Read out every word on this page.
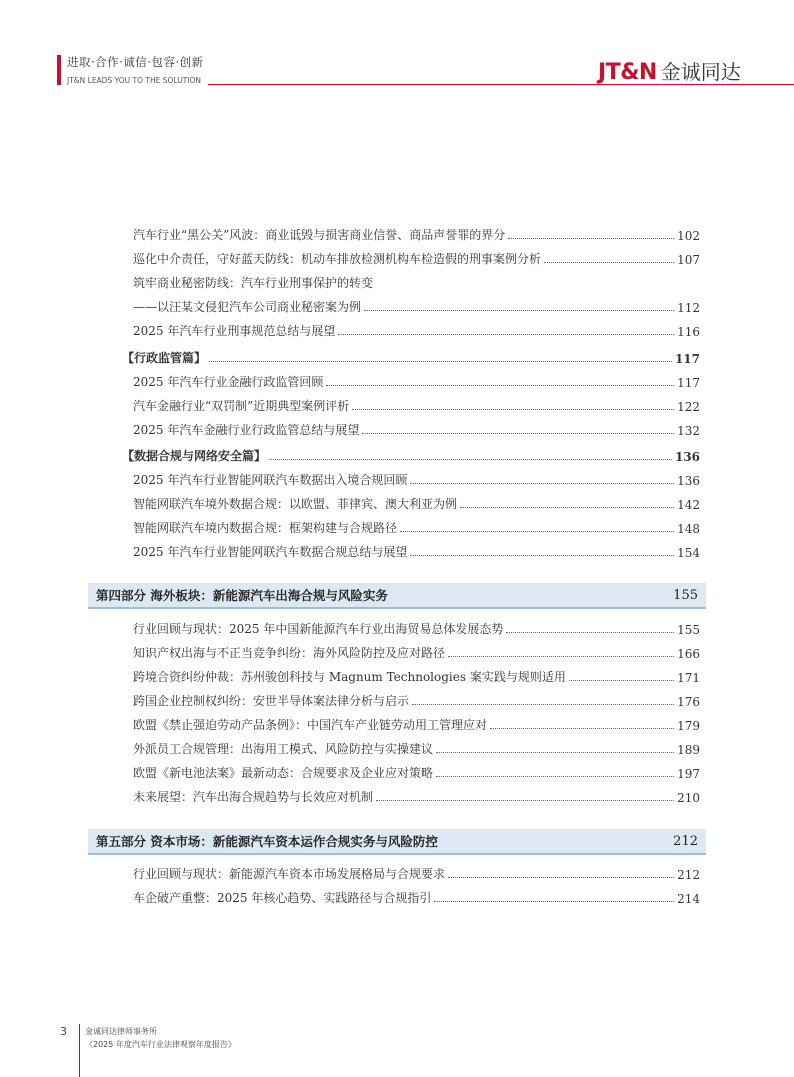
进取·合作·诚信·包容·创新
JT&N LEADS YOU TO THE SOLUTION	JT&N 金诚同达
汽车行业“黑公关”风波：商业诋毁与损害商业信誉、商品声誉罪的界分	102
巡化中介责任，守好蓝天防线：机动车排放检测机构车检造假的刑事案例分析	107
筑牢商业秘密防线：汽车行业刑事保护的转变
——以汪某文侵犯汽车公司商业秘密案为例	112
2025 年汽车行业刑事规范总结与展望	116
【行政监管篇】	117
2025 年汽车行业金融行政监管回顾	117
汽车金融行业“双罚制”近期典型案例评析	122
2025 年汽车金融行业行政监管总结与展望	132
【数据合规与网络安全篇】	136
2025 年汽车行业智能网联汽车数据出入境合规回顾	136
智能网联汽车境外数据合规：以欧盟、菲律宾、澳大利亚为例	142
智能网联汽车境内数据合规：框架构建与合规路径	148
2025 年汽车行业智能网联汽车数据合规总结与展望	154
第四部分 海外板块：新能源汽车出海合规与风险实务	155
行业回顾与现状：2025 年中国新能源汽车行业出海贸易总体发展态势	155
知识产权出海与不正当竞争纠纷：海外风险防控及应对路径	166
跨境合资纠纷仲裁：苏州骏创科技与 Magnum Technologies 案实践与规则适用	171
跨国企业控制权纠纷：安世半导体案法律分析与启示	176
欧盟《禁止强迫劳动产品条例》：中国汽车产业链劳动用工管理应对	179
外派员工合规管理：出海用工模式、风险防控与实操建议	189
欧盟《新电池法案》最新动态：合规要求及企业应对策略	197
未来展望：汽车出海合规趋势与长效应对机制	210
第五部分 资本市场：新能源汽车资本运作合规实务与风险防控	212
行业回顾与现状：新能源汽车资本市场发展格局与合规要求	212
车企破产重整：2025 年核心趋势、实践路径与合规指引	214
3 金诚同达律师事务所
《2025 年度汽车行业法律观察年度报告》
